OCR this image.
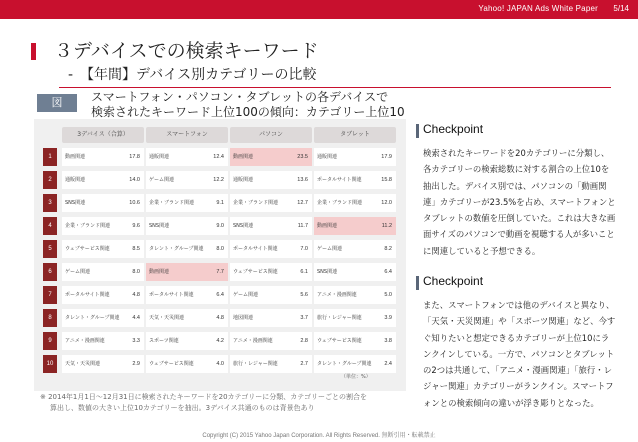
Yahoo! JAPAN Ads White Paper 5/14
３デバイスでの検索キーワード
-　【年間】デバイス別カテゴリーの比較
図	スマートフォン・パソコン・タブレットの各デバイスで
検索されたキーワード上位100の傾向：カテゴリー上位10
3デバイス（合算）	スマートフォン	パソコン	タブレット
1	動画関連	17.8	通販関連	12.4	動画関連	23.5	通販関連	17.9
2	通販関連	14.0	ゲーム関連	12.2	通販関連	13.6	ポータルサイト関連	15.8
3	SNS関連	10.6	企業・ブランド関連	9.1	企業・ブランド関連	12.7	企業・ブランド関連	12.0
4	企業・ブランド関連	9.6	SNS関連	9.0	SNS関連	11.7	動画関連	11.2
5	ウェブサービス関連	8.5	タレント・グループ関連 8.0	ポータルサイト関連	7.0	ゲーム関連	8.2
6	ゲーム関連	8.0	動画関連	7.7	ウェブサービス関連	6.1	SNS関連	6.4
7	ポータルサイト関連	4.8	ポータルサイト関連	6.4	ゲーム関連	5.6	アニメ・漫画関連	5.0
8	タレント・グループ関連 4.4	天気・天災関連	4.8	地図関連	3.7	旅行・レジャー関連	3.9
9	アニメ・漫画関連	3.3	スポーツ関連	4.2	アニメ・漫画関連	2.8	ウェブサービス関連	3.8
10	天気・天災関連	2.9	ウェブサービス関連	4.0	旅行・レジャー関連	2.7	タレント・グループ関連 2.4
（単位：%）
※ 2014年1月1日～12月31日に検索されたキーワードを20カテゴリーに分類、カテゴリーごとの割合を
算出し、数値の大きい上位10カテゴリーを抽出。3デバイス共通のものは背景色あり
Checkpoint
検索されたキーワードを20カテゴリーに分類し、各カテゴリーの検索総数に対する割合の上位10を抽出した。デバイス別では、パソコンの「動画関連」カテゴリーが23.5%を占め、スマートフォンとタブレットの数値を圧倒していた。これは大きな画面サイズのパソコンで動画を視聴する人が多いことに関連していると予想できる。
Checkpoint
また、スマートフォンでは他のデバイスと異なり、「天気・天災関連」や「スポーツ関連」など、今すぐ知りたいと想定できるカテゴリーが上位10にランクインしている。一方で、パソコンとタブレットの2つは共通して、「アニメ・漫画関連」「旅行・レジャー関連」カテゴリーがランクイン。スマートフォンとの検索傾向の違いが浮き彫りとなった。
Copyright (C) 2015 Yahoo Japan Corporation. All Rights Reserved. 無断引用・転載禁止
